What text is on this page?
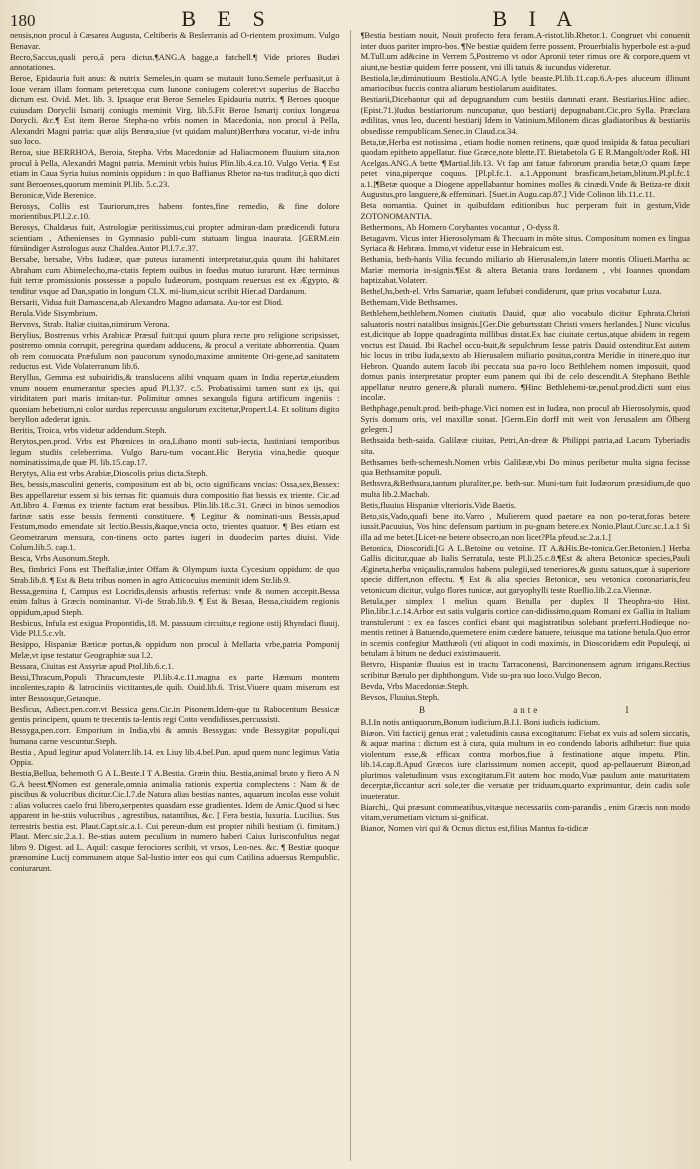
180	B E S	B I A

nensis,non procul à Cæsarea Augusta, Celtiberis & Beslerranis ad O-rientem proximum. Vulgo Benavar.

Becro,Saccus,quali pero,ā pera dictus.¶ANG.A bagge,a fatchell.¶ Vide priores Budæi annotationes.

Beroe, Epidauria fuit anus: & nutrix Semeles,in quam se mutauit Iuno.Semele perfuasit,ut à Ioue veram illam formam peteret:qua cum Iunone coniugem coleret:vt superius de Baccho dictum est. Ovid. Met. lib. 3. Ipsaque erat Beroe Semeles Epidauria nutrix. ¶ Beroes quoque cuiusdam Doryclii Ismarij coniugis meminit Virg. lib.5.Fit Beroe Ismarij coniux longæua Dorycli. &c.¶ Est item Beroe Stepha-no vrbis nomen in Macedonia, non procul à Pella, Alexandri Magni patria: quæ alijs Berœa,siue (vt quidam malunt)Berrhœa vocatur, vi-de infra suo loco.

Beroa, siue BERRHOA, Beroia, Stepha. Vrbs Macedoniæ ad Haliacmonem fluuium sita,non procul à Pella, Alexandri Magni patria. Meminit vrbis huius Plin.lib.4.ca.10. Vulgo Veria. ¶ Est etiam in Caua Syria huius nominis oppidum : in quo Baffianus Rhetor na-tus traditur,à quo dicti sunt Beroenses,quorum meminit Pl.lib. 5.c.23.

Beronicæ,Vide Berenice.

Berosys, Collis est Tauriorum,tres habens fontes,fine remedio, & fine dolore morientibus.Pl.l.2.c.10.

Berosys, Chaldæus fuit, Astrologiæ peritissimus,cui propter admiran-dam prædicendi futura scientiam , Athenienses in Gymnasio publi-cum statuam lingua inaurata. [GERM.ein fürsündiger Astrologus ausz Chaldea.Autor Pl.l.7.c.37.

Bersabe, bersabe, Vrbs Iudææ, quæ puteus iuramenti interpretatur,quia quum ibi habitaret Abraham cum Abimelecho,ma-ctatis feptem ouibus in foedus mutuo iurarunt. Hæc terminus fuit terræ promissionis possessæ a populo Iudæorum, postquam reuersus est ex Ægypto, & tenditur vsque ad Dan,spatio in longum CLX. mi-lium,sicut scribit Hier.ad Dardanum.

Bersarii, Vidua fuit Damascena,ab Alexandro Magno adamata. Au-tor est Diod.

Berula.Vide Sisymbrium.

Bervnvs, Strab. Italiæ ciuitas,nimirum Verona.

Berylius, Bostrenus vrbis Arabicæ Præsul fuit:qui quum plura recte pro religione scripsisset, postremo omnia corrupit, peregrina quædam adducens, & procul a veritate abhorrentia. Quam ob rem conuocata Præfulum non paucorum synodo,maxime annitente Ori-gene,ad sanitatem reductus est. Vide Volaterranum lib.6.

Beryllus, Gemma est subuiridis,& translucens alibi vnquam quam in India repertæ,eiusdem vnum nouem enumerantur species apud Pl.l.37. c.5. Probatissimi tamen sunt ex ijs, qui viriditatem puri maris imitan-tur. Polimitur omnes sexangula figura artificum ingeniis : quoniam hebetium,ni color surdus repercussu angulorum excitetur,Propert.l.4. Et solitum digito beryllon adederat ignis.

Beritis, Troica, vrbs videtur addendum.Steph.

Berytos,pen.prod. Vrbs est Phœnices in ora,Libano monti sub-iecta, Iustiniani temporibus legum studiis celeberrima. Vulgo Baru-tum vocant.Hic Berytia vina,hedie quoque nominatissima,de quæ Pl. lib.15.cap.17.

Berytys, Alia est vrbs Arabiæ,Dioscolis prius dicta.Steph.

Bes, bessis,masculini generis, compositum est ab bi, octo significans vncias: Ossa,sex,Bessex: Bes appellaretur essem si bis ternas fit: quamuis dura compositio fiat bessis ex triente. Cic.ad Att.libro 4. Fœnus ex triente factum erat bessibus. Plin.lib.18.c.31. Græci in binos semodios farinæ satis esse bessis fermenti constituere. ¶ Legitur & nominati-uus Bessis,apud Festum,modo emendate sit lectio.Bessis,&aque,vncia octo, trientes quatuor. ¶ Bes etiam est Geometrarum mensura, con-tinens octo partes iugeri in duodecim partes diuisi. Vide Colum.lib.5. cap.1.

Besca, Vrbs Ausonum.Steph.

Bes, fimbrici Fons est Theffaliæ,inter Offam & Olympum iuxta Cycesium oppidum: de quo Strab.lib.8. ¶ Est & Beta tribus nomen in agro Atticocuius meminit idem Str.lib.9.

Bessa,gemina f, Campus est Locridis,densis arbustis refertus: vnde & nomen accepit.Bessa enim faltus à Græcis nominantur. Vi-de Strab.lib.9. ¶ Est & Besaa, Bessa,ciuidem regionis oppidum,apud Steph.

Besbicus, Infula est exigua Propontidis,18. M. passuum circuitu,e regione ostij Rhyndaci fluuij. Vide Pl.l.5.c.vlt.

Besippo, Hispaniæ Bæticæ portus,& oppidum non procul à Mellaria vrbe,patria Pomponij Melæ,vt ipse testatur Geographiæ sua l.2.

Bessara, Ciuitas est Assyriæ apud Ptol.lib.6.c.1.

Bessi,Thracum,Populi Thracum,teste Pl.lib.4.c.11.magna ex parte Hæmum montem incolentes,rapto & latrociniis victitantes,de quib. Ouid.lib.6. Trist.Viuere quam miserum est inter Bessosque,Getasque.

Besficus, Adiect.pen.corr.vt Bessica gens.Cic.in Pisonem.Idem-que tu Rabocentum Bessicæ gentis principem, quum te trecentis ta-lentis regi Cotto vendidisses,percussisti.

Bessyga,pen.corr. Emporium in India,vbi & amnis Bessygas: vnde Bessygitæ populi,qui humana carne vescuntur.Steph.

Bestia , Apud legitur apud Volaterr.lib.14. ex Liuy lib.4.bel.Pun. apud quem nunc legimus Vatia Oppia.

Bestia,Bellua, behemoth G A L.Beste.I T A.Bestia. Græin thiu. Bestia,animal bruto y fiero A N G.A beest.¶Nomen est generale,omnia animalia rationis expertia complectens : Nam & de piscibus & volucribus dicitur.Cic.l.7.de Natura alias bestias nantes, aquarum incolas esse voluit : alias volucres caelo frui libero,serpentes quasdam esse gradientes. Idem de Amic.Quod si hæc apparent in be-stiis volucribus , agrestibus, natantibus, &c. [ Fera bestia, luxuria. Lucilius. Sus terrestris bestia est. Plaut.Capt.sic.a.1. Cui pereun-dum est propter nihili bestiam (i. fimitam.) Plaut. Merc.sic.2.a.1. Be-stias autem peculium in numero haberi Caius Iurisconfultus negat libro 9. Digest. ad L. Aquil: casque ferociores scribit, vt vrsos, Leo-nes. &c. ¶ Bestiæ quoque prænomine Lucij communem atque Sal-lustio inter eos qui cum Catilina aduersus Rempublic. coniurarunt.

¶Bestia bestiam nouit, Nouit profecto fera feram.A-ristot.lib.Rhetor.1. Congruet vbi conuenit inter duos pariter impro-bos. ¶Ne bestiæ quidem ferre possent. Prouerbialis hyperbole est a-pud M.Tull.um ad&cine in Verrem 5,Postremo vt odor Apronii teter rimus ore & corpore,quem vt aiunt,ne bestiæ quidem ferre possent, vni illi tatuis & iucundus videretur.

Bestiola,læ,diminutiuum Bestiola.ANG.A lytle beaste.Pl.lib.11.cap.6.A-pes aluceum illinunt amariocibus fuccis contra aliarum bestiolarum auiditates.

Bestiarii,Dicebantur qui ad depugnandum cum bestiis damnati erant. Bestiarius.Hinc adiec.(Epist.71.)ludus bestiariorum nuncupatur, quo bestiarij depugnabant.Cic.pro Sylla. Præclara ædilitas, vnus leo, ducenti bestiarij Idem in Vatinium.Milonem dicas gladiatoribus & bestiariis obsedisse rempublicam.Senec.in Claud.ca.34.

Beta,tæ,Herba est notissima , etiam hodie nomen retinens, quæ quod insipida & fatua peculiari quodam epitheto appellatur. fiue Græce,note blette.IT. Bietabetola G E R.Mangolt/oder Roß. HI Acelgas.ANG.A bette ¶Martial.lib.13. Vt fap ant fatuæ fabrorum prandia betæ,O quam fæpe petet vina,piperque coquus. [Pl.pl.fc.1. a.1.Apponunt brasficam,betam,blitum.Pl.pl.fc.1 a.1.]¶Betæ quoque a Diogene appellabantur homines molles & cinædi.Vnde & Betiza-re dixit Augustus,pro languere,& effeminari. [Suet.in Augu.cap.87.] Vide Colinon lib.11.c.11.

Beta nomantia. Quinet in quibufdam editionibus huc perperam fuit in gestum,Vide ZOTONOMANTIA.

Bethermons, Ab Homero Corybantes vocantur , O-dyss 8.

Betagavm. Vicus inter Hierosolymam & Thecuam in mōte situs. Compositum nomen ex lingua Syriaca & Hebræa. Immo,vt videtur esse in Hebraicum est.

Bethania, beth-hanis Vilia fecundo miliario ab Hierusalem,in latere montis Oliueti.Martha ac Mariæ memoria in-signis.¶Est & altera Betania trans Iordanem , vbi Ioannes quondam baptizabat.Volaterr.

Bethel,hs,beth-el. Vrbs Samariæ, quam Iefubæi condiderunt, quæ prius vocabatur Luza.

Bethemam,Vide Bethsames.

Bethlehem,bethlehem.Nomen ciuitatis Dauid, quæ alio vocabulo dicitur Ephrata.Christi saluatoris nostri natalibus insignis.[Ger.Die geburtsstatt Christi vnsers herlandes.] Nunc viculus est,dicitque ab Ioppe quadraginta millibus distat.Ex hac ciuitate certus,atque abidem in regem vnctus est Dauid. Ibi Rachel occu-buit,& sepulchrum Iesse patris Dauid ostenditur.Est autem hic locus in tribu Iuda,sexto ab Hierusalem miliario positus,contra Meridie in itinere,quo itur Hebron. Quando autem Iacob ibi peccata sua pa-ro loco Bethlehem nomen imposuit, quod domus panis interpretatur propter eum panem qui ibi de celo descendit.A Stephano Bethle appellatur neutro genere,& plurali numero. ¶Hinc Bethlehemi-tæ,penul.prod.dicti sunt eius incolæ.

Bethphage,penult.prod. beth-phage.Vici nomen est in Iudæa, non procul ab Hierosolymis, quod Syris domum oris, vel maxillæ sonat. [Germ.Ein dorff mit weit von Jerusalem am Ölberg gelegen.]

Bethsaida beth-saida. Galilææ ciuitas, Petri,An-dreæ & Philippi patria,ad Lacum Tyberiadis sita.

Bethsames beth-schemesh.Nomen vrbis Galilææ,vbi Do minus peribetur multa signa fecisse qua Bethsamitæ populi.

Bethsvra,&Bethsura,tantum pluraliter,pe. beth-sur. Muni-tum fuit Iudæorum præsidium,de quo multa lib.2.Machab.

Betis,fluuius Hispaniæ vlterioris.Vide Baetis.

Beto,sis,Vado,quafi bene ito.Varro , Mulierem quod paetare ea non po-terat,foras betere iussit.Pacuuius, Vos hinc defensum partium in pu-gnam betere.ex Nonio.Plaut.Curc.sc.1.a.1 Si illa ad me betet.[Licet-ne betere obsecro,an non licet?Pla pfeud.sc.2.a.1.]

Betonica, Dioscoridi.[G A L.Betoine ou vetoine. IT A.&His.Be-tonica.Ger.Betonien.] Herba Gallis dicitur,quae ab Italis Serratula, teste Pl.li.25.c.8.¶Est & altera Betonicæ species,Pauli Ægineta,herba vniçaulis,ramulos habens pulegii,sed teneriores,& gustu satuos,quæ à superiore specie differt,non effectu. ¶ Est & alia species Betonicæ, seu vetonica coronariaris,feu vetonicum dicitur, vulgo flores tunicæ, aut garyophylli teste Ruellio.lib.2.ca.Viennæ.

Betula,per simplex l melius quam Betulla per duplex ll Theophra-sto Hist. Plin.libr.1.c.14.Arbor est satis vulgaris cortice can-didissimo,quam Romani ex Gallia in Italiam transtulerunt : ex ea fasces confici ebant qui magistratibus solebant præferri.Hodieque no-mentis retinet à Batuendo,quemetere enim cædere batuere, teiusque ma tatione betula.Quo error in scemis confegiur Matthæoli (vti aliquot in codi maximis, in Dioscoridæm edit Populeqi, ui betulam à bitum ne deduci existimauerit.

Betvro, Hispaniæ fluuius est in tractu Tarraconensi, Barcinonensem agrum irrigans.Rectius scribitur Bætulo per diphthongum. Vide su-pra suo loco.Vulgo Becon.

Bevda, Vrbs Macedoniæ.Steph.

Bevsos, Fluuius.Steph.

B	ante	I

B.I.In notis antiquorum,Bonum iudicium.B.I.I. Boni iudicis iudicium.

Biæon. Viti facticij genus erat ; valetudinis causa excogitatum: Fiebat ex vuis ad solem siccatis, & aquæ marina : dictum est à cura, quia multum in eo condendo laboris adhibetur: fiue quia violentum esse,& efficax contra morbos,fiue à festinatione atque impetu. Plin. lib.14.cap.8.Apud Græcos iure clarissimum nomen accepit, quod ap-pellauerunt Biæon,ad plurimos valetudinum vsus excogitatum.Fit autem hoc modo,Vuæ paulum ante maturitatem decerptæ,ficcantur acri sole,ter die versatæ per triduum,quarto exprimuntur, dein cadis sole inueteratur.

Biarchi,. Qui præsunt commeatibus,vitæque necessariis com-parandis , enim Græcis non modo vitam,verumetiam victum si-gnificat.

Bianor, Nomen viri qui & Ocnus dictus est,filius Mantus fa-tidicæ
